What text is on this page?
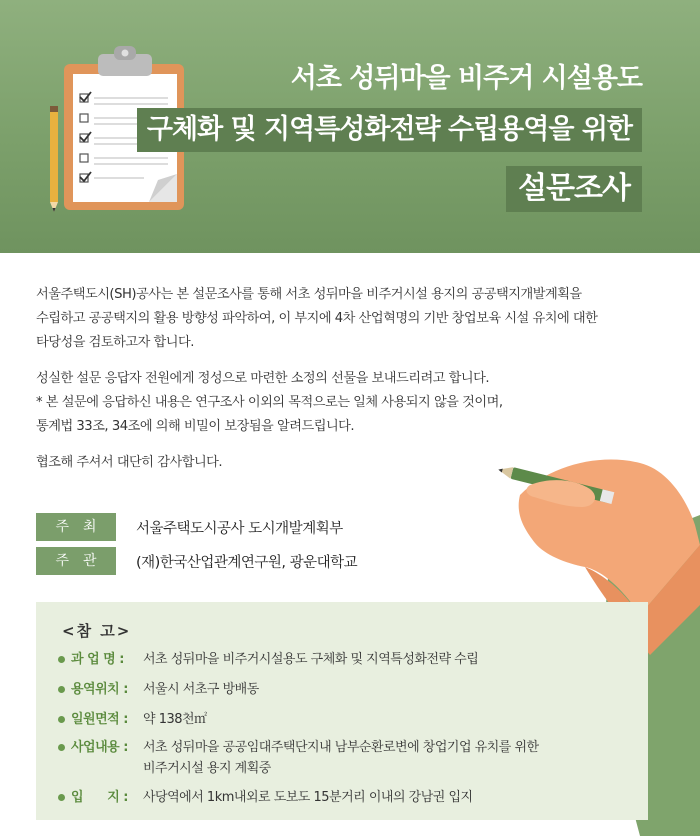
서초 성뒤마을 비주거 시설용도
구체화 및 지역특성화전략 수립용역을 위한
설문조사

서울주택도시(SH)공사는 본 설문조사를 통해 서초 성뒤마을 비주거시설 용지의 공공택지개발계획을
수립하고 공공택지의 활용 방향성 파악하여, 이 부지에 4차 산업혁명의 기반 창업보육 시설 유치에 대한
타당성을 검토하고자 합니다.

성실한 설문 응답자 전원에게 정성으로 마련한 소정의 선물을 보내드리려고 합니다.
* 본 설문에 응답하신 내용은 연구조사 이외의 목적으로는 일체 사용되지 않을 것이며,
통계법 33조, 34조에 의해 비밀이 보장됨을 알려드립니다.

협조해 주셔서 대단히 감사합니다.

주최	서울주택도시공사 도시개발계획부
주관	(재)한국산업관계연구원, 광운대학교
<참 고>
과 업 명 :	서초 성뒤마을 비주거시설용도 구체화 및 지역특성화전략 수립
용역위치 :	서울시 서초구 방배동
일원면적 :	약 138천㎡
사업내용 :	서초 성뒤마을 공공임대주택단지내 남부순환로변에 창업기업 유치를 위한
비주거시설 용지 계획중
입      지 :	사당역에서 1km내외로 도보도 15분거리 이내의 강남권 입지
